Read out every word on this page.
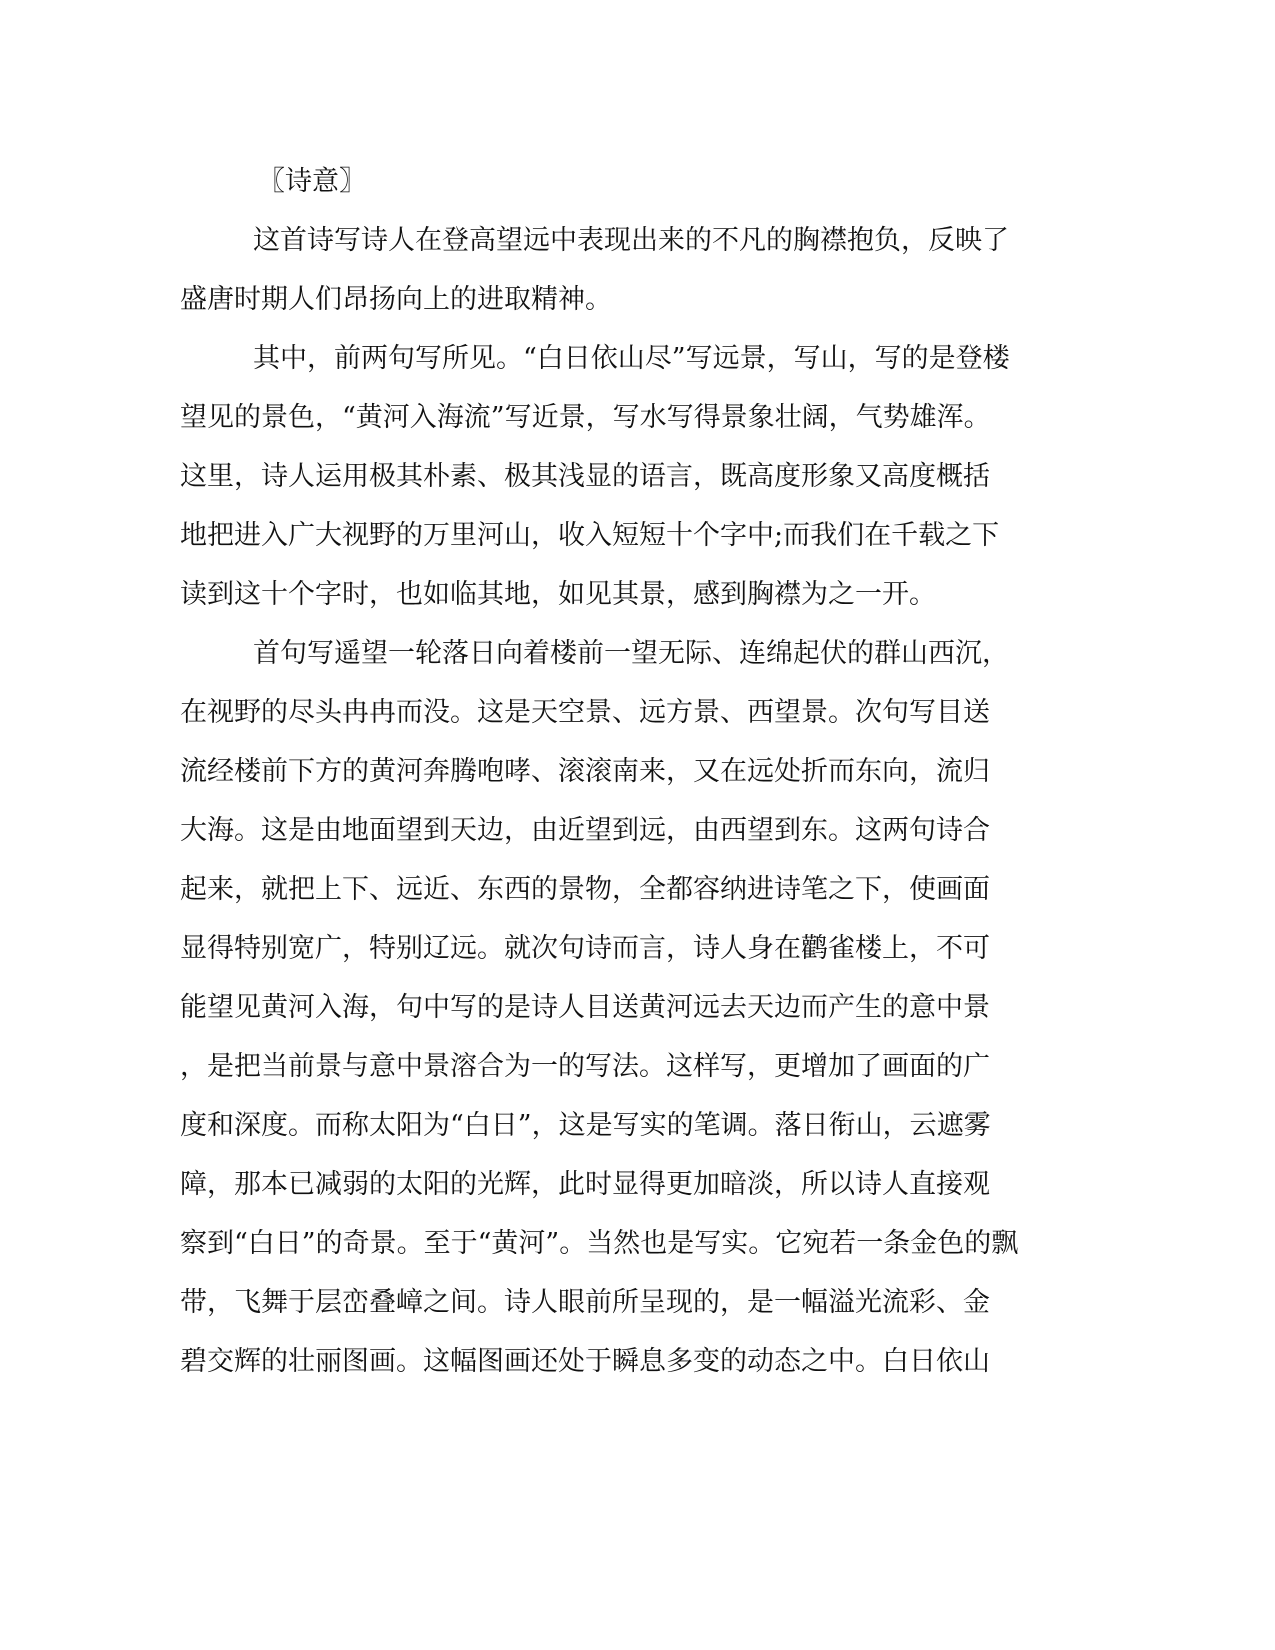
〖诗意〗
这首诗写诗人在登高望远中表现出来的不凡的胸襟抱负，反映了
盛唐时期人们昂扬向上的进取精神。
其中，前两句写所见。“白日依山尽”写远景，写山，写的是登楼
望见的景色，“黄河入海流”写近景，写水写得景象壮阔，气势雄浑。
这里，诗人运用极其朴素、极其浅显的语言，既高度形象又高度概括
地把进入广大视野的万里河山，收入短短十个字中;而我们在千载之下
读到这十个字时，也如临其地，如见其景，感到胸襟为之一开。
首句写遥望一轮落日向着楼前一望无际、连绵起伏的群山西沉，
在视野的尽头冉冉而没。这是天空景、远方景、西望景。次句写目送
流经楼前下方的黄河奔腾咆哮、滚滚南来，又在远处折而东向，流归
大海。这是由地面望到天边，由近望到远，由西望到东。这两句诗合
起来，就把上下、远近、东西的景物，全都容纳进诗笔之下，使画面
显得特别宽广，特别辽远。就次句诗而言，诗人身在鹳雀楼上，不可
能望见黄河入海，句中写的是诗人目送黄河远去天边而产生的意中景
，是把当前景与意中景溶合为一的写法。这样写，更增加了画面的广
度和深度。而称太阳为“白日”，这是写实的笔调。落日衔山，云遮雾
障，那本已减弱的太阳的光辉，此时显得更加暗淡，所以诗人直接观
察到“白日”的奇景。至于“黄河”。当然也是写实。它宛若一条金色的飘
带，飞舞于层峦叠嶂之间。诗人眼前所呈现的，是一幅溢光流彩、金
碧交辉的壮丽图画。这幅图画还处于瞬息多变的动态之中。白日依山
